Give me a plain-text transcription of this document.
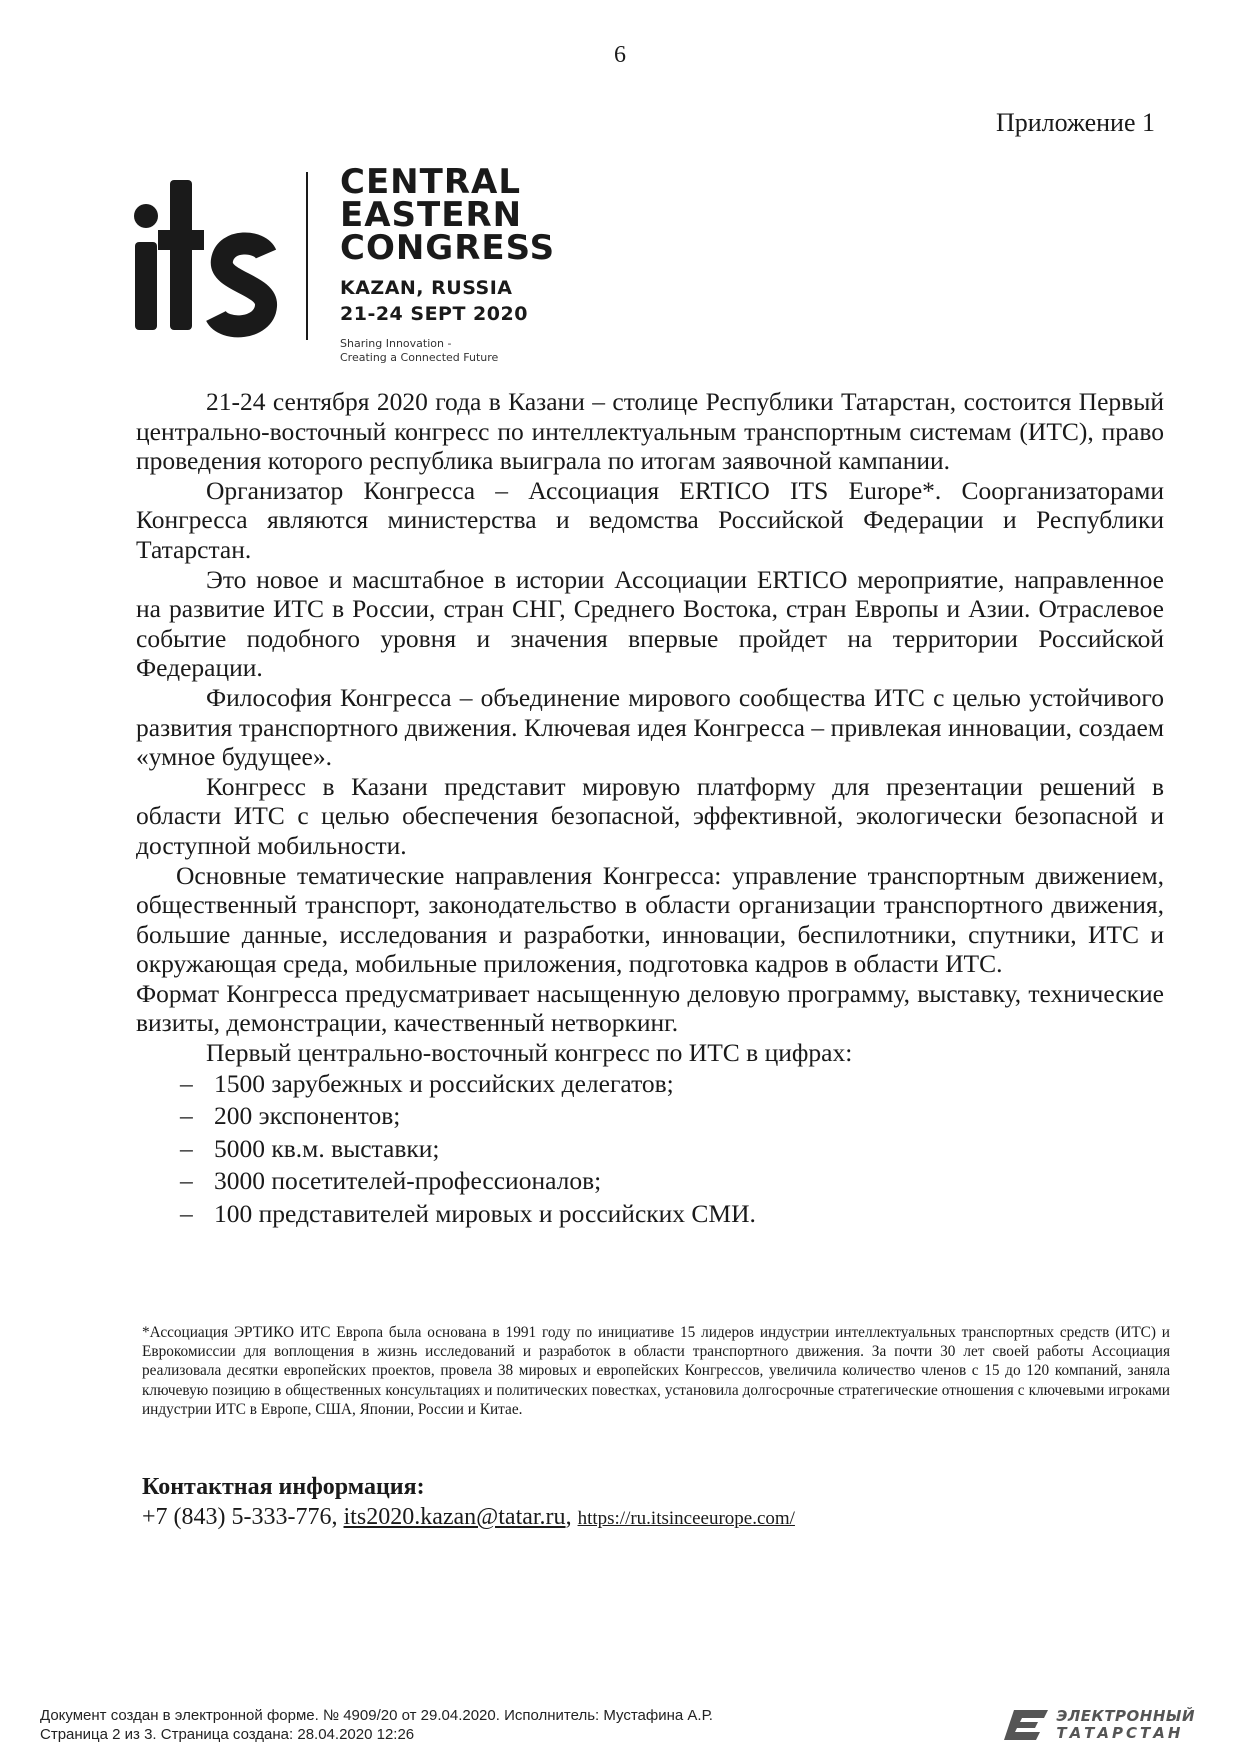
6
Приложение 1
CENTRAL
EASTERN
CONGRESS
KAZAN, RUSSIA
21-24 SEPT 2020
Sharing Innovation -
Creating a Connected Future

21-24 сентября 2020 года в Казани – столице Республики Татарстан, состоится Первый центрально-восточный конгресс по интеллектуальным транспортным системам (ИТС), право проведения которого республика выиграла по итогам заявочной кампании.

Организатор Конгресса – Ассоциация ERTICO ITS Europe*. Соорганизаторами Конгресса являются министерства и ведомства Российской Федерации и Республики Татарстан.

Это новое и масштабное в истории Ассоциации ERTICO мероприятие, направленное на развитие ИТС в России, стран СНГ, Среднего Востока, стран Европы и Азии. Отраслевое событие подобного уровня и значения впервые пройдет на территории Российской Федерации.

Философия Конгресса – объединение мирового сообщества ИТС с целью устойчивого развития транспортного движения. Ключевая идея Конгресса – привлекая инновации, создаем «умное будущее».

Конгресс в Казани представит мировую платформу для презентации решений в области ИТС с целью обеспечения безопасной, эффективной, экологически безопасной и доступной мобильности.

Основные тематические направления Конгресса: управление транспортным движением, общественный транспорт, законодательство в области организации транспортного движения, большие данные, исследования и разработки, инновации, беспилотники, спутники, ИТС и окружающая среда, мобильные приложения, подготовка кадров в области ИТС.

Формат Конгресса предусматривает насыщенную деловую программу, выставку, технические визиты, демонстрации, качественный нетворкинг.

Первый центрально-восточный конгресс по ИТС в цифрах:

– 1500 зарубежных и российских делегатов;
– 200 экспонентов;
– 5000 кв.м. выставки;
– 3000 посетителей-профессионалов;
– 100 представителей мировых и российских СМИ.
*Ассоциация ЭРТИКО ИТС Европа была основана в 1991 году по инициативе 15 лидеров индустрии интеллектуальных транспортных средств (ИТС) и Еврокомиссии для воплощения в жизнь исследований и разработок в области транспортного движения. За почти 30 лет своей работы Ассоциация реализовала десятки европейских проектов, провела 38 мировых и европейских Конгрессов, увеличила количество членов с 15 до 120 компаний, заняла ключевую позицию в общественных консультациях и политических повестках, установила долгосрочные стратегические отношения с ключевыми игроками индустрии ИТС в Европе, США, Японии, России и Китае.
Контактная информация:
+7 (843) 5-333-776, its2020.kazan@tatar.ru, https://ru.itsinceeurope.com/
Документ создан в электронной форме. № 4909/20 от 29.04.2020. Исполнитель: Мустафина А.Р.
Страница 2 из 3. Страница создана: 28.04.2020 12:26
ЭЛЕКТРОННЫЙ
ТАТАРСТАН
